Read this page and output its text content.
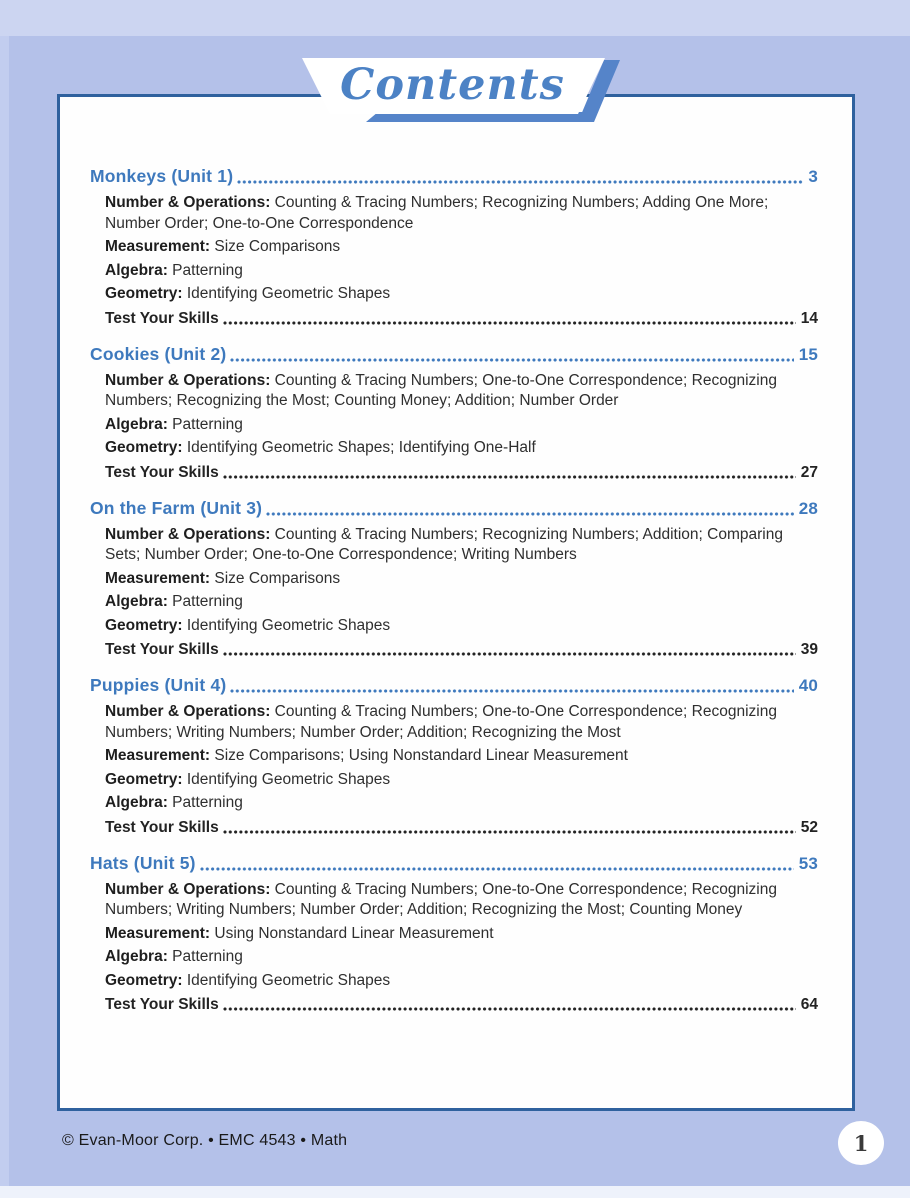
Monkeys (Unit 1)	3
Number & Operations: Counting & Tracing Numbers; Recognizing Numbers; Adding One More; Number Order; One-to-One Correspondence
Measurement: Size Comparisons
Algebra: Patterning
Geometry: Identifying Geometric Shapes
Test Your Skills	14
Cookies (Unit 2)	15
Number & Operations: Counting & Tracing Numbers; One-to-One Correspondence; Recognizing Numbers; Recognizing the Most; Counting Money; Addition; Number Order
Algebra: Patterning
Geometry: Identifying Geometric Shapes; Identifying One-Half
Test Your Skills	27
On the Farm (Unit 3)	28
Number & Operations: Counting & Tracing Numbers; Recognizing Numbers; Addition; Comparing Sets; Number Order; One-to-One Correspondence; Writing Numbers
Measurement: Size Comparisons
Algebra: Patterning
Geometry: Identifying Geometric Shapes
Test Your Skills	39
Puppies (Unit 4)	40
Number & Operations: Counting & Tracing Numbers; One-to-One Correspondence; Recognizing Numbers; Writing Numbers; Number Order; Addition; Recognizing the Most
Measurement: Size Comparisons; Using Nonstandard Linear Measurement
Geometry: Identifying Geometric Shapes
Algebra: Patterning
Test Your Skills	52
Hats (Unit 5)	53
Number & Operations: Counting & Tracing Numbers; One-to-One Correspondence; Recognizing Numbers; Writing Numbers; Number Order; Addition; Recognizing the Most; Counting Money
Measurement: Using Nonstandard Linear Measurement
Algebra: Patterning
Geometry: Identifying Geometric Shapes
Test Your Skills	64
Contents
© Evan-Moor Corp. • EMC 4543 • Math	1
